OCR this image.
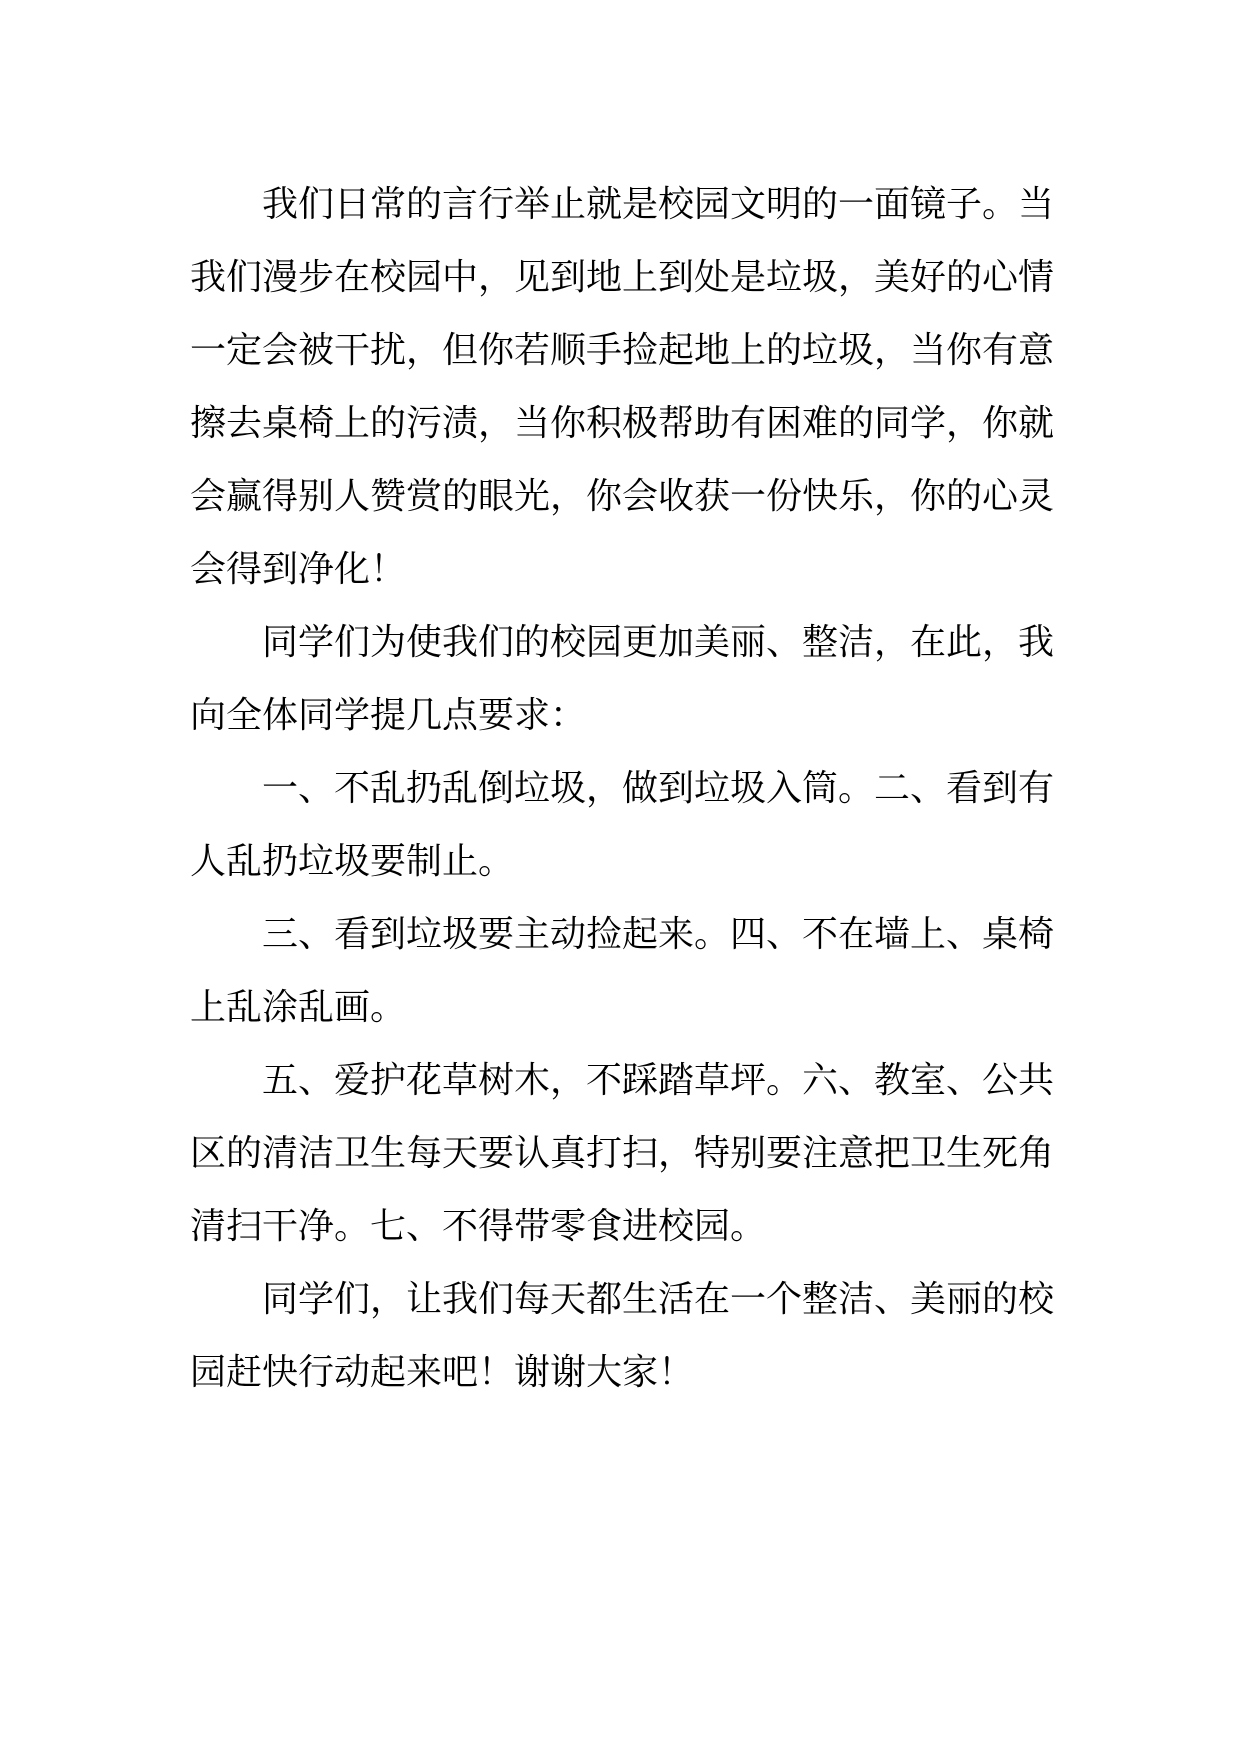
我们日常的言行举止就是校园文明的一面镜子。当我们漫步在校园中，见到地上到处是垃圾，美好的心情一定会被干扰，但你若顺手捡起地上的垃圾，当你有意擦去桌椅上的污渍，当你积极帮助有困难的同学，你就会赢得别人赞赏的眼光，你会收获一份快乐，你的心灵会得到净化！

同学们为使我们的校园更加美丽、整洁，在此，我向全体同学提几点要求：

一、不乱扔乱倒垃圾，做到垃圾入筒。二、看到有人乱扔垃圾要制止。

三、看到垃圾要主动捡起来。四、不在墙上、桌椅上乱涂乱画。

五、爱护花草树木，不踩踏草坪。六、教室、公共区的清洁卫生每天要认真打扫，特别要注意把卫生死角清扫干净。七、不得带零食进校园。

同学们，让我们每天都生活在一个整洁、美丽的校园赶快行动起来吧！谢谢大家！
